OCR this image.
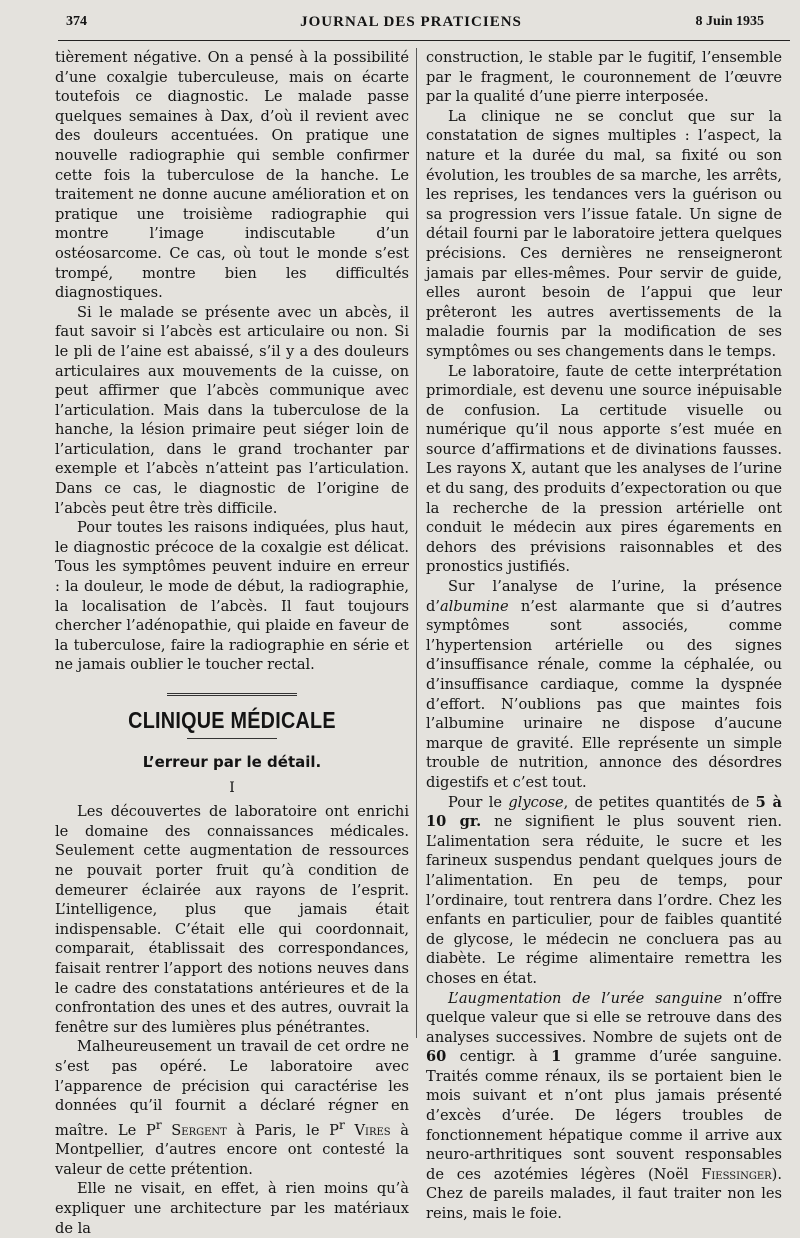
374	JOURNAL DES PRATICIENS	8 Juin 1935

tièrement négative. On a pensé à la possibilité d’une coxalgie tuberculeuse, mais on écarte toutefois ce diagnostic. Le malade passe quelques semaines à Dax, d’où il revient avec des douleurs accentuées. On pratique une nouvelle radiographie qui semble confirmer cette fois la tuberculose de la hanche. Le traitement ne donne aucune amélioration et on pratique une troisième radiographie qui montre l’image indiscutable d’un ostéosarcome. Ce cas, où tout le monde s’est trompé, montre bien les difficultés diagnostiques.

Si le malade se présente avec un abcès, il faut savoir si l’abcès est articulaire ou non. Si le pli de l’aine est abaissé, s’il y a des douleurs articulaires aux mouvements de la cuisse, on peut affirmer que l’abcès communique avec l’articulation. Mais dans la tuberculose de la hanche, la lésion primaire peut siéger loin de l’articulation, dans le grand trochanter par exemple et l’abcès n’atteint pas l’articulation. Dans ce cas, le diagnostic de l’origine de l’abcès peut être très difficile.

Pour toutes les raisons indiquées, plus haut, le diagnostic précoce de la coxalgie est délicat. Tous les symptômes peuvent induire en erreur : la douleur, le mode de début, la radiographie, la localisation de l’abcès. Il faut toujours chercher l’adénopathie, qui plaide en faveur de la tuberculose, faire la radiographie en série et ne jamais oublier le toucher rectal.

CLINIQUE MÉDICALE
L’erreur par le détail.
I

Les découvertes de laboratoire ont enrichi le domaine des connaissances médicales. Seulement cette augmentation de ressources ne pouvait porter fruit qu’à condition de demeurer éclairée aux rayons de l’esprit. L’intelligence, plus que jamais était indispensable. C’était elle qui coordonnait, comparait, établissait des correspondances, faisait rentrer l’apport des notions neuves dans le cadre des constatations antérieures et de la confrontation des unes et des autres, ouvrait la fenêtre sur des lumières plus pénétrantes.

Malheureusement un travail de cet ordre ne s’est pas opéré. Le laboratoire avec l’apparence de précision qui caractérise les données qu’il fournit a déclaré régner en maître. Le $P^r$ Sergent à Paris, le $P^r$ Vires à Montpellier, d’autres encore ont contesté la valeur de cette prétention.

Elle ne visait, en effet, à rien moins qu’à expliquer une architecture par les matériaux de la

construction, le stable par le fugitif, l’ensemble par le fragment, le couronnement de l’œuvre par la qualité d’une pierre interposée.

La clinique ne se conclut que sur la constatation de signes multiples : l’aspect, la nature et la durée du mal, sa fixité ou son évolution, les troubles de sa marche, les arrêts, les reprises, les tendances vers la guérison ou sa progression vers l’issue fatale. Un signe de détail fourni par le laboratoire jettera quelques précisions. Ces dernières ne renseigneront jamais par elles-mêmes. Pour servir de guide, elles auront besoin de l’appui que leur prêteront les autres avertissements de la maladie fournis par la modification de ses symptômes ou ses changements dans le temps.

Le laboratoire, faute de cette interprétation primordiale, est devenu une source inépuisable de confusion. La certitude visuelle ou numérique qu’il nous apporte s’est muée en source d’affirmations et de divinations fausses. Les rayons X, autant que les analyses de l’urine et du sang, des produits d’expectoration ou que la recherche de la pression artérielle ont conduit le médecin aux pires égarements en dehors des prévisions raisonnables et des pronostics justifiés.

Sur l’analyse de l’urine, la présence d’albumine n’est alarmante que si d’autres symptômes sont associés, comme l’hypertension artérielle ou des signes d’insuffisance rénale, comme la céphalée, ou d’insuffisance cardiaque, comme la dyspnée d’effort. N’oublions pas que maintes fois l’albumine urinaire ne dispose d’aucune marque de gravité. Elle représente un simple trouble de nutrition, annonce des désordres digestifs et c’est tout.

Pour le glycose, de petites quantités de 5 à 10 gr. ne signifient le plus souvent rien. L’alimentation sera réduite, le sucre et les farineux suspendus pendant quelques jours de l’alimentation. En peu de temps, pour l’ordinaire, tout rentrera dans l’ordre. Chez les enfants en particulier, pour de faibles quantité de glycose, le médecin ne concluera pas au diabète. Le régime alimentaire remettra les choses en état.

L’augmentation de l’urée sanguine n’offre quelque valeur que si elle se retrouve dans des analyses successives. Nombre de sujets ont de 60 centigr. à 1 gramme d’urée sanguine. Traités comme rénaux, ils se portaient bien le mois suivant et n’ont plus jamais présenté d’excès d’urée. De légers troubles de fonctionnement hépatique comme il arrive aux neuro-arthritiques sont souvent responsables de ces azotémies légères (Noël Fiessinger). Chez de pareils malades, il faut traiter non les reins, mais le foie.
